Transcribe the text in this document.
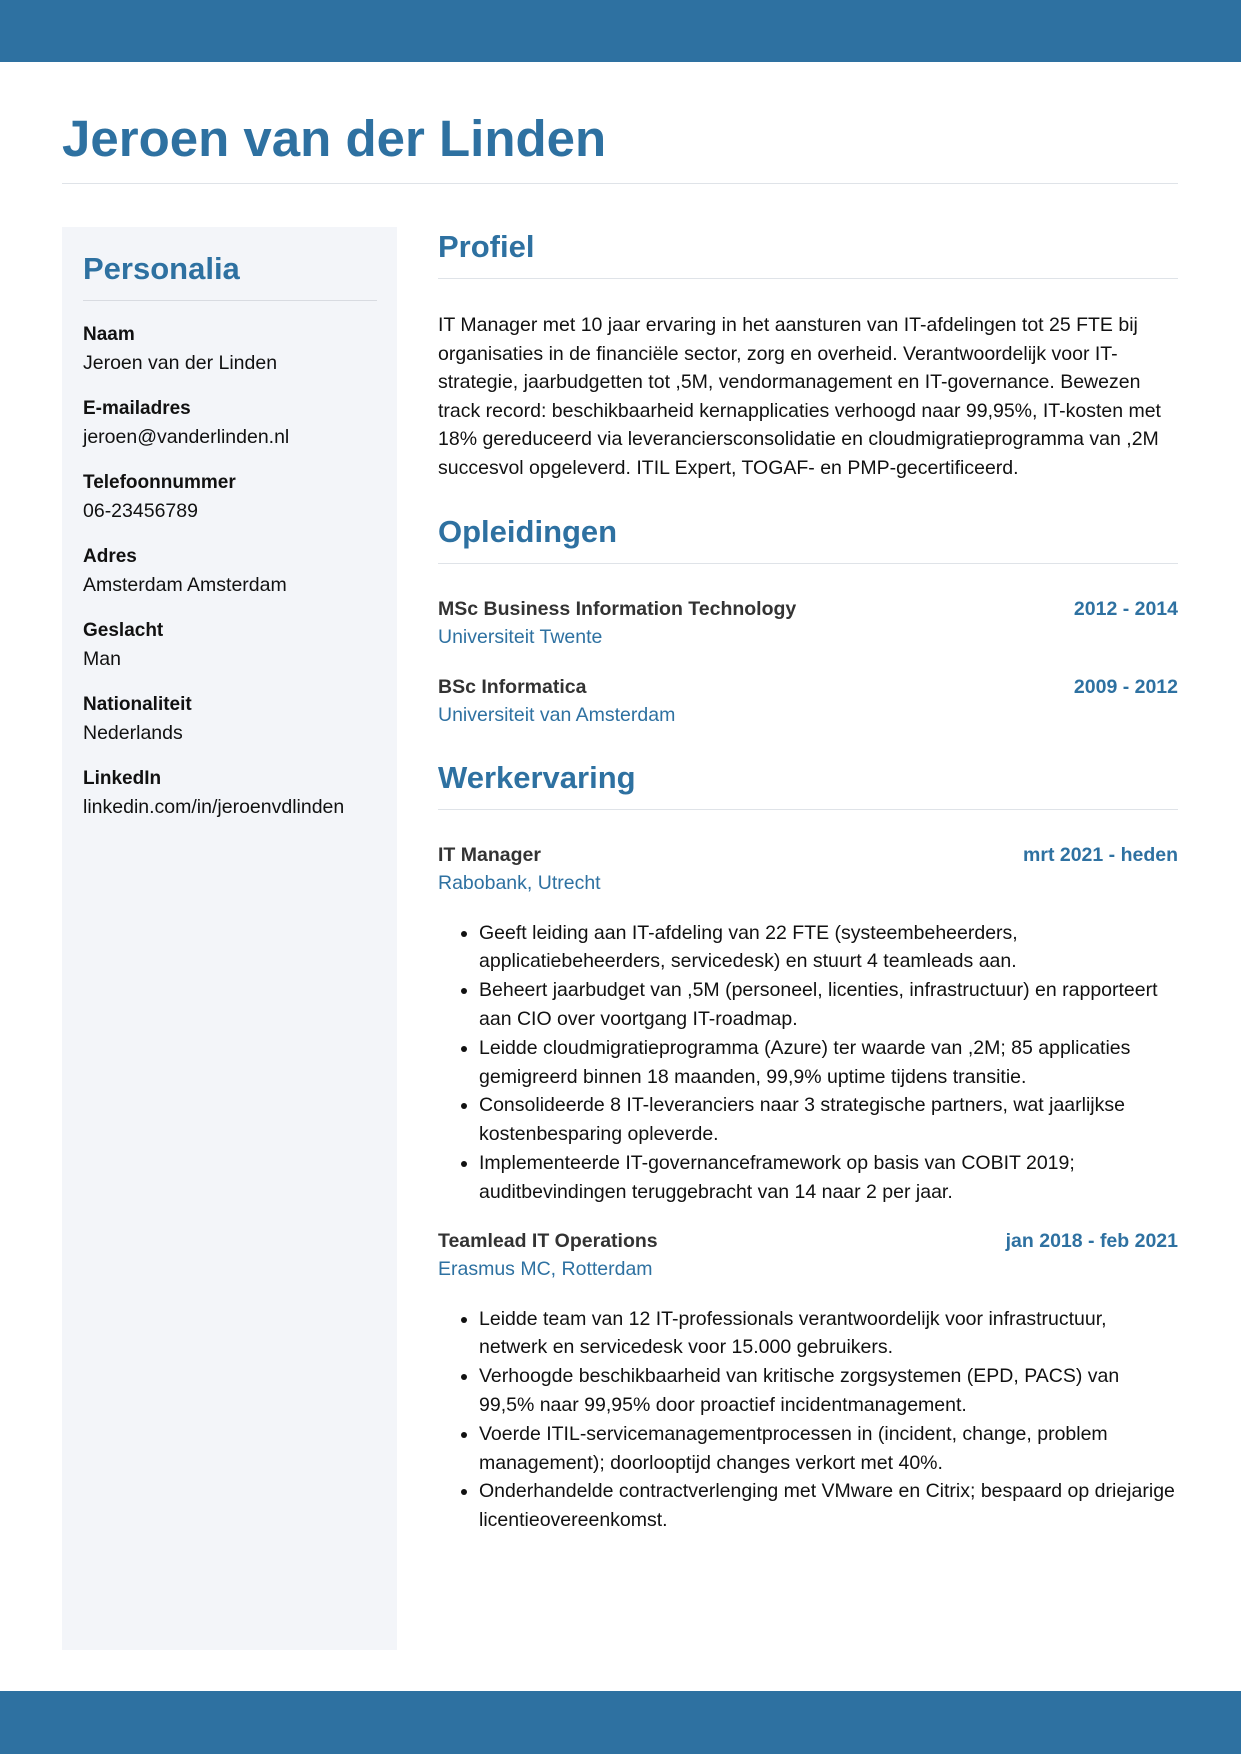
Jeroen van der Linden
Personalia
Naam
Jeroen van der Linden
E-mailadres
jeroen@vanderlinden.nl
Telefoonnummer
06-23456789
Adres
Amsterdam Amsterdam
Geslacht
Man
Nationaliteit
Nederlands
LinkedIn
linkedin.com/in/jeroenvdlinden
Profiel

IT Manager met 10 jaar ervaring in het aansturen van IT-afdelingen tot 25 FTE bij organisaties in de financiële sector, zorg en overheid. Verantwoordelijk voor IT-strategie, jaarbudgetten tot ,5M, vendormanagement en IT-governance. Bewezen track record: beschikbaarheid kernapplicaties verhoogd naar 99,95%, IT-kosten met 18% gereduceerd via leveranciersconsolidatie en cloudmigratieprogramma van ,2M succesvol opgeleverd. ITIL Expert, TOGAF- en PMP-gecertificeerd.

Opleidingen
MSc Business Information Technology	2012 - 2014
Universiteit Twente
BSc Informatica	2009 - 2012
Universiteit van Amsterdam
Werkervaring
IT Manager	mrt 2021 - heden
Rabobank, Utrecht
• Geeft leiding aan IT-afdeling van 22 FTE (systeembeheerders, applicatiebeheerders, servicedesk) en stuurt 4 teamleads aan.
• Beheert jaarbudget van ,5M (personeel, licenties, infrastructuur) en rapporteert aan CIO over voortgang IT-roadmap.
• Leidde cloudmigratieprogramma (Azure) ter waarde van ,2M; 85 applicaties gemigreerd binnen 18 maanden, 99,9% uptime tijdens transitie.
• Consolideerde 8 IT-leveranciers naar 3 strategische partners, wat jaarlijkse kostenbesparing opleverde.
• Implementeerde IT-governanceframework op basis van COBIT 2019; auditbevindingen teruggebracht van 14 naar 2 per jaar.
Teamlead IT Operations	jan 2018 - feb 2021
Erasmus MC, Rotterdam
• Leidde team van 12 IT-professionals verantwoordelijk voor infrastructuur, netwerk en servicedesk voor 15.000 gebruikers.
• Verhoogde beschikbaarheid van kritische zorgsystemen (EPD, PACS) van 99,5% naar 99,95% door proactief incidentmanagement.
• Voerde ITIL-servicemanagementprocessen in (incident, change, problem management); doorlooptijd changes verkort met 40%.
• Onderhandelde contractverlenging met VMware en Citrix; bespaard op driejarige licentieovereenkomst.
